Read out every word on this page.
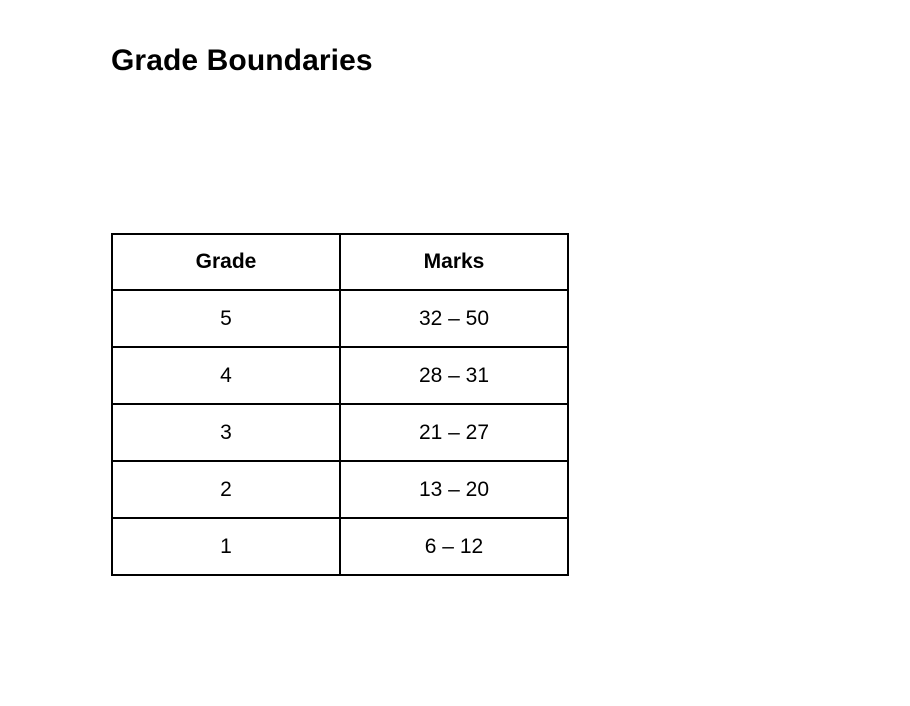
Grade Boundaries
Grade	Marks
5	32 – 50
4	28 – 31
3	21 – 27
2	13 – 20
1	6 – 12
